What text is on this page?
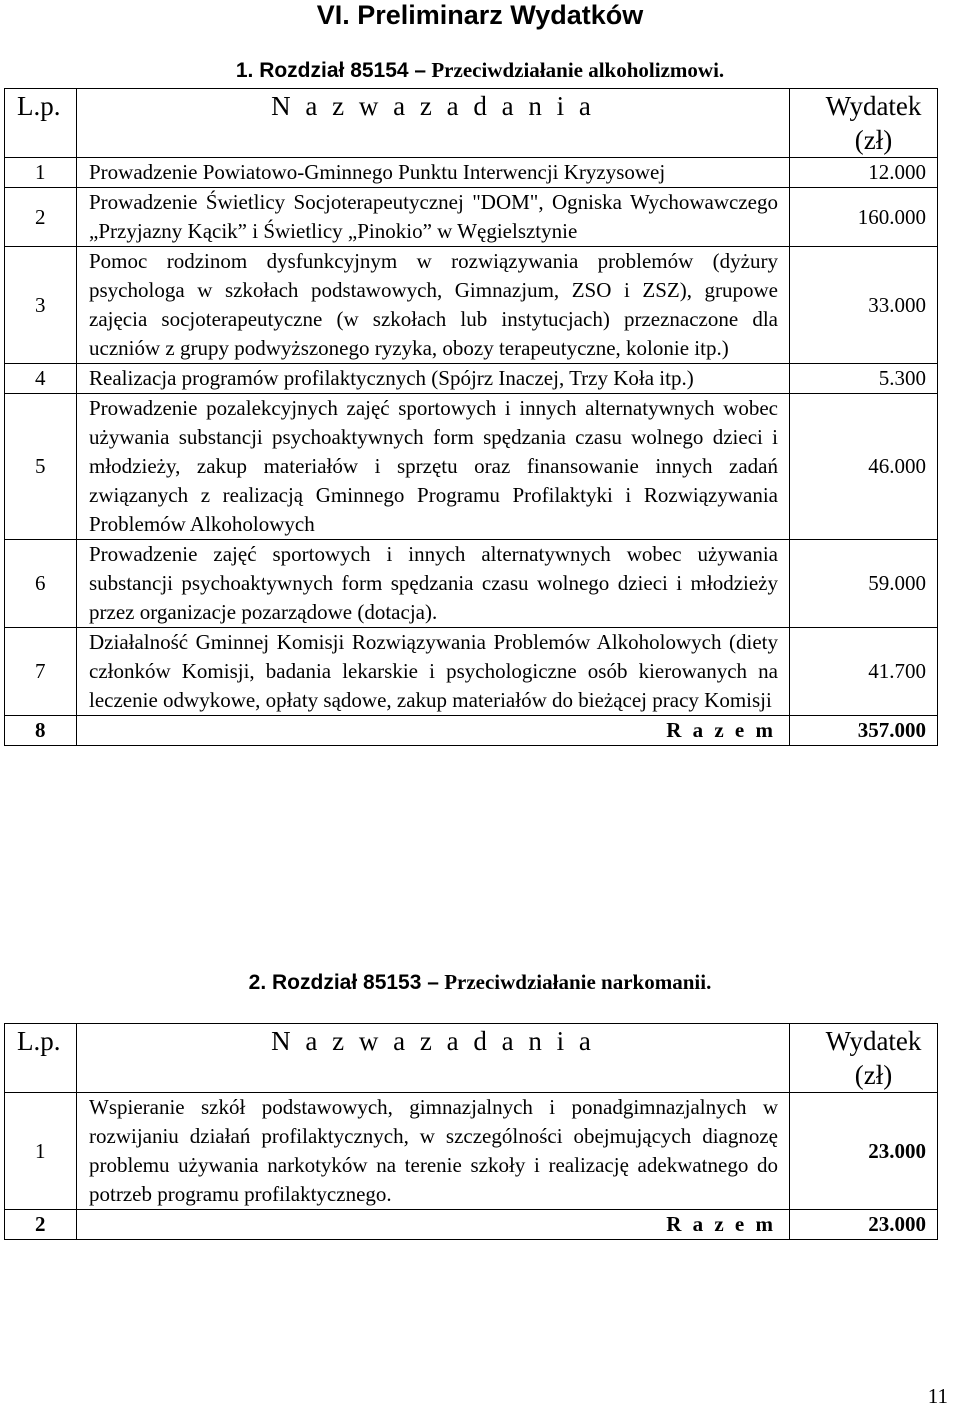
VI. Preliminarz Wydatków
1. Rozdział 85154 – Przeciwdziałanie alkoholizmowi.
L.p.	N a z w a z a d a n i a	Wydatek (zł)
1	Prowadzenie Powiatowo-Gminnego Punktu Interwencji Kryzysowej	12.000
2	Prowadzenie Świetlicy Socjoterapeutycznej "DOM", Ogniska Wychowawczego „Przyjazny Kącik” i Świetlicy „Pinokio” w Węgielsztynie	160.000
3	Pomoc rodzinom dysfunkcyjnym w rozwiązywania problemów (dyżury psychologa w szkołach podstawowych, Gimnazjum, ZSO i ZSZ), grupowe zajęcia socjoterapeutyczne (w szkołach lub instytucjach) przeznaczone dla uczniów z grupy podwyższonego ryzyka, obozy terapeutyczne, kolonie itp.)	33.000
4	Realizacja programów profilaktycznych (Spójrz Inaczej, Trzy Koła itp.)	5.300
5	Prowadzenie pozalekcyjnych zajęć sportowych i innych alternatywnych wobec używania substancji psychoaktywnych form spędzania czasu wolnego dzieci i młodzieży, zakup materiałów i sprzętu oraz finansowanie innych zadań związanych z realizacją Gminnego Programu Profilaktyki i Rozwiązywania Problemów Alkoholowych	46.000
6	Prowadzenie zajęć sportowych i innych alternatywnych wobec używania substancji psychoaktywnych form spędzania czasu wolnego dzieci i młodzieży przez organizacje pozarządowe (dotacja).	59.000
7	Działalność Gminnej Komisji Rozwiązywania Problemów Alkoholowych (diety członków Komisji, badania lekarskie i psychologiczne osób kierowanych na leczenie odwykowe, opłaty sądowe, zakup materiałów do bieżącej pracy Komisji	41.700
8	R a z e m	357.000
2. Rozdział 85153 – Przeciwdziałanie narkomanii.
L.p.	N a z w a z a d a n i a	Wydatek (zł)
1	Wspieranie szkół podstawowych, gimnazjalnych i ponadgimnazjalnych w rozwijaniu działań profilaktycznych, w szczególności obejmujących diagnozę problemu używania narkotyków na terenie szkoły i realizację adekwatnego do potrzeb programu profilaktycznego.	23.000
2	R a z e m	23.000
11
